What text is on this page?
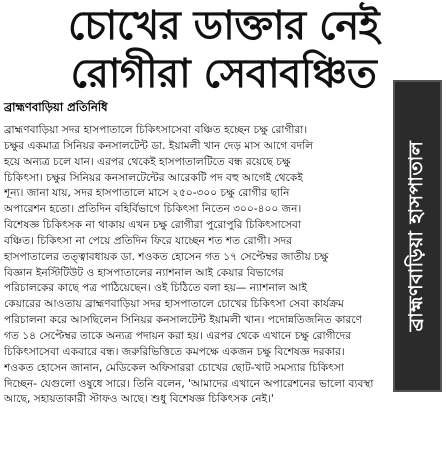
চোখের ডাক্তার নেই
রোগীরা সেবাবঞ্চিত
ব্রাহ্মণবাড়িয়া প্রতিনিধি
ব্রাহ্মণবাড়িয়া হাসপাতাল
ব্রাহ্মণবাড়িয়া সদর হাসপাতালে চিকিৎসাসেবা বঞ্চিত হচ্ছেন চক্ষু রোগীরা।
চক্ষুর একমাত্র সিনিয়র কনসালটেন্ট ডা. ইয়ামলী খান দেড় মাস আগে বদলি
হয়ে অন্যত্র চলে যান। এরপর থেকেই হাসপাতালটিতে বন্ধ রয়েছে চক্ষু
চিকিৎসা। চক্ষুর সিনিয়র কনসালটেন্টের আরেকটি পদ বহু আগেই থেকেই
শূন্য। জানা যায়, সদর হাসপাতালে মাসে ২৫০-৩০০ চক্ষু রোগীর ছানি
অপারেশন হতো। প্রতিদিন বহির্বিভাগে চিকিৎসা নিতেন ৩০০-৪০০ জন।
বিশেষজ্ঞ চিকিৎসক না থাকায় এখন চক্ষু রোগীরা পুরোপুরি চিকিৎসাসেবা
বঞ্চিত। চিকিৎসা না পেয়ে প্রতিদিন ফিরে যাচ্ছেন শত শত রোগী। সদর
হাসপাতালের তত্ত্বাবধায়ক ডা. শওকত হোসেন গত ১৭ সেপ্টেম্বর জাতীয় চক্ষু
বিজ্ঞান ইনস্টিটিউট ও হাসপাতালের ন্যাশনাল আই কেয়ার বিভাগের
পরিচালকের কাছে পত্র পাঠিয়েছেন। ওই চিঠিতে বলা হয়— ন্যাশনাল আই
কেয়ারের আওতায় ব্রাহ্মণবাড়িয়া সদর হাসপাতালে চোখের চিকিৎসা সেবা কার্যক্রম
পরিচালনা করে আসছিলেন সিনিয়র কনসালটেন্ট ইয়ামলী খান। পদোন্নতিজনিত কারণে
গত ১৪ সেপ্টেম্বর তাকে অন্যত্র পদায়ন করা হয়। এরপর থেকে এখানে চক্ষু রোগীদের
চিকিৎসাসেবা একবারে বন্ধ। জরুরিভিত্তিতে কমপক্ষে একজন চক্ষু বিশেষজ্ঞ দরকার।
শওকত হোসেন জানান, মেডিকেল অফিসাররা চোখের ছোট-খাট সমস্যার চিকিৎসা
দিচ্ছেন- যেগুলো ওষুধে সারে। তিনি বলেন, 'আমাদের এখানে অপারেশনের ভালো ব্যবস্থা
আছে, সহায়তাকারী স্টাফও আছে। শুধু বিশেষজ্ঞ চিকিৎসক নেই।'
